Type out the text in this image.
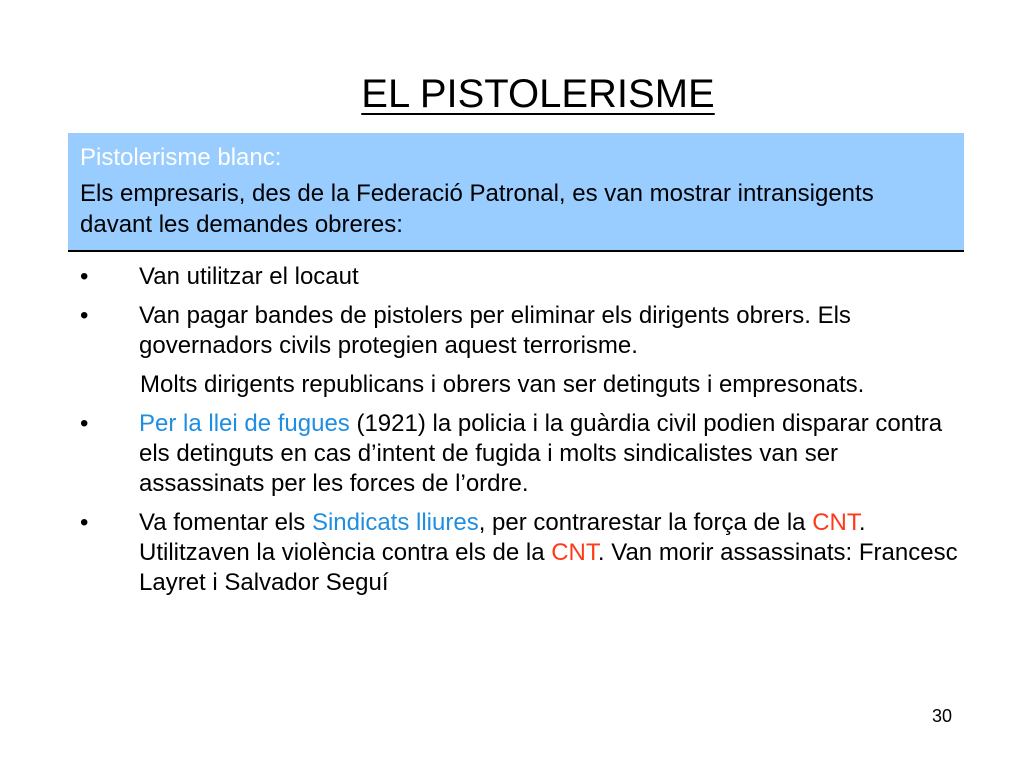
EL PISTOLERISME
Pistolerisme blanc:
Els empresaris, des de la Federació Patronal, es van mostrar intransigents davant les demandes obreres:
• Van utilitzar el locaut
• Van pagar bandes de pistolers per eliminar els dirigents obrers. Els governadors civils protegien aquest terrorisme.
Molts dirigents republicans i obrers van ser detinguts i empresonats.
• Per la llei de fugues (1921) la policia i la guàrdia civil podien disparar contra els detinguts en cas d’intent de fugida i molts sindicalistes van ser assassinats per les forces de l’ordre.
• Va fomentar els Sindicats lliures, per contrarestar la força de la CNT. Utilitzaven la violència contra els de la CNT. Van morir assassinats: Francesc Layret i Salvador Seguí
30
